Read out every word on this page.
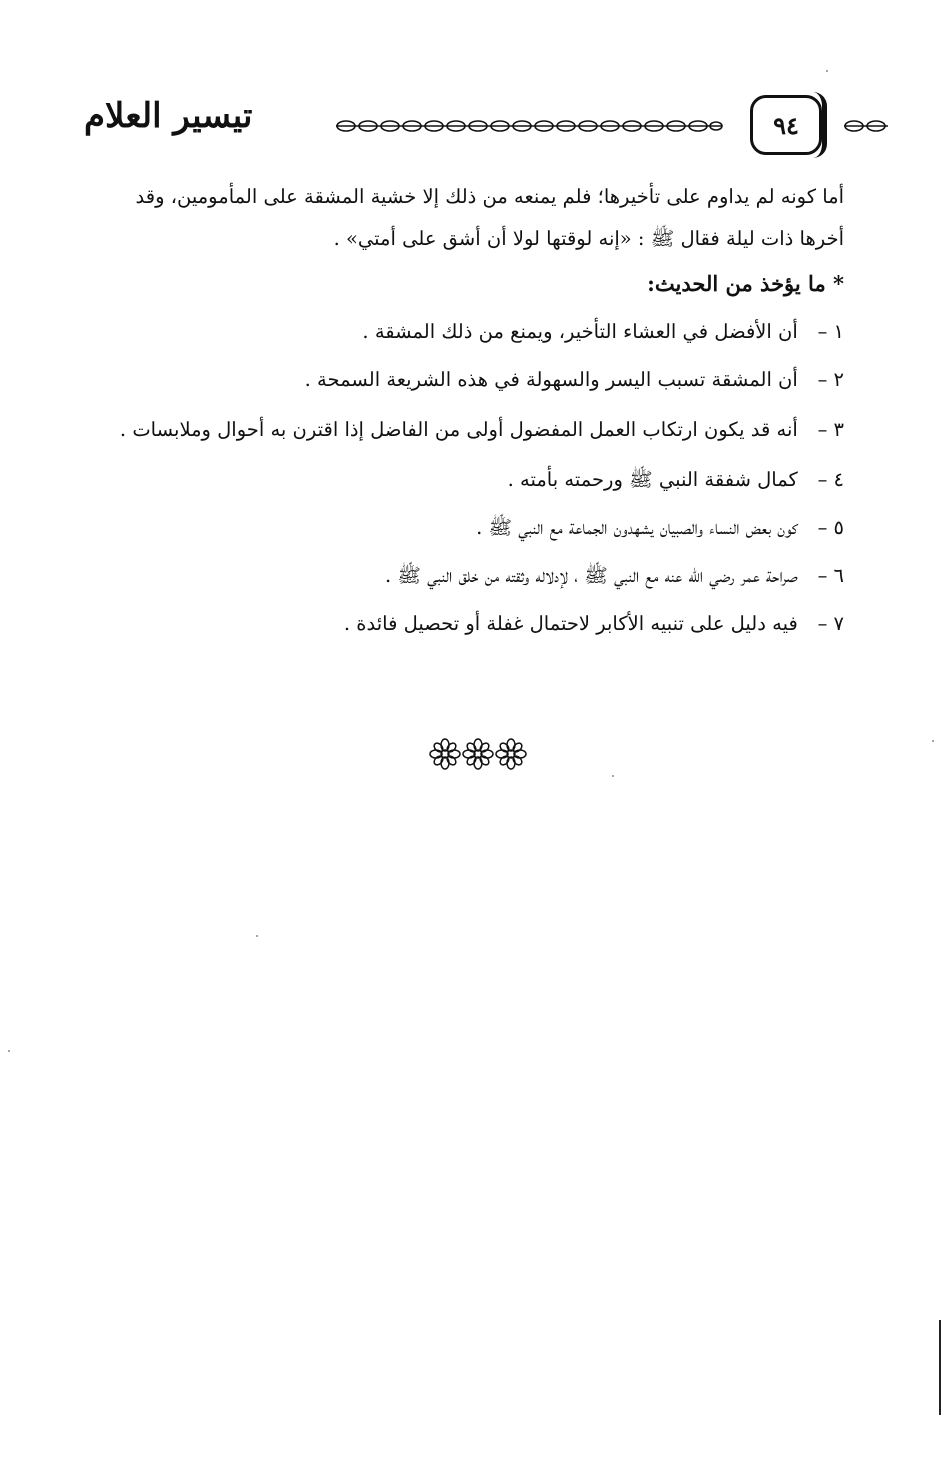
تيسير العلام	٩٤

أما كونه لم يداوم على تأخيرها؛ فلم يمنعه من ذلك إلا خشية المشقة على المأمومين، وقد

أخرها ذات ليلة فقال ﷺ : «إنه لوقتها لولا أن أشق على أمتي» .

* ما يؤخذ من الحديث:
١ – أن الأفضل في العشاء التأخير، ويمنع من ذلك المشقة .
٢ – أن المشقة تسبب اليسر والسهولة في هذه الشريعة السمحة .
٣ – أنه قد يكون ارتكاب العمل المفضول أولى من الفاضل إذا اقترن به أحوال وملابسات .
٤ – كمال شفقة النبي ﷺ ورحمته بأمته .
٥ – كون بعض النساء والصبيان يشهدون الجماعة مع النبي ﷺ .
٦ – صراحة عمر رضي الله عنه مع النبي ﷺ ، لإدلاله وثقته من خلق النبي ﷺ .
٧ – فيه دليل على تنبيه الأكابر لاحتمال غفلة أو تحصيل فائدة .
